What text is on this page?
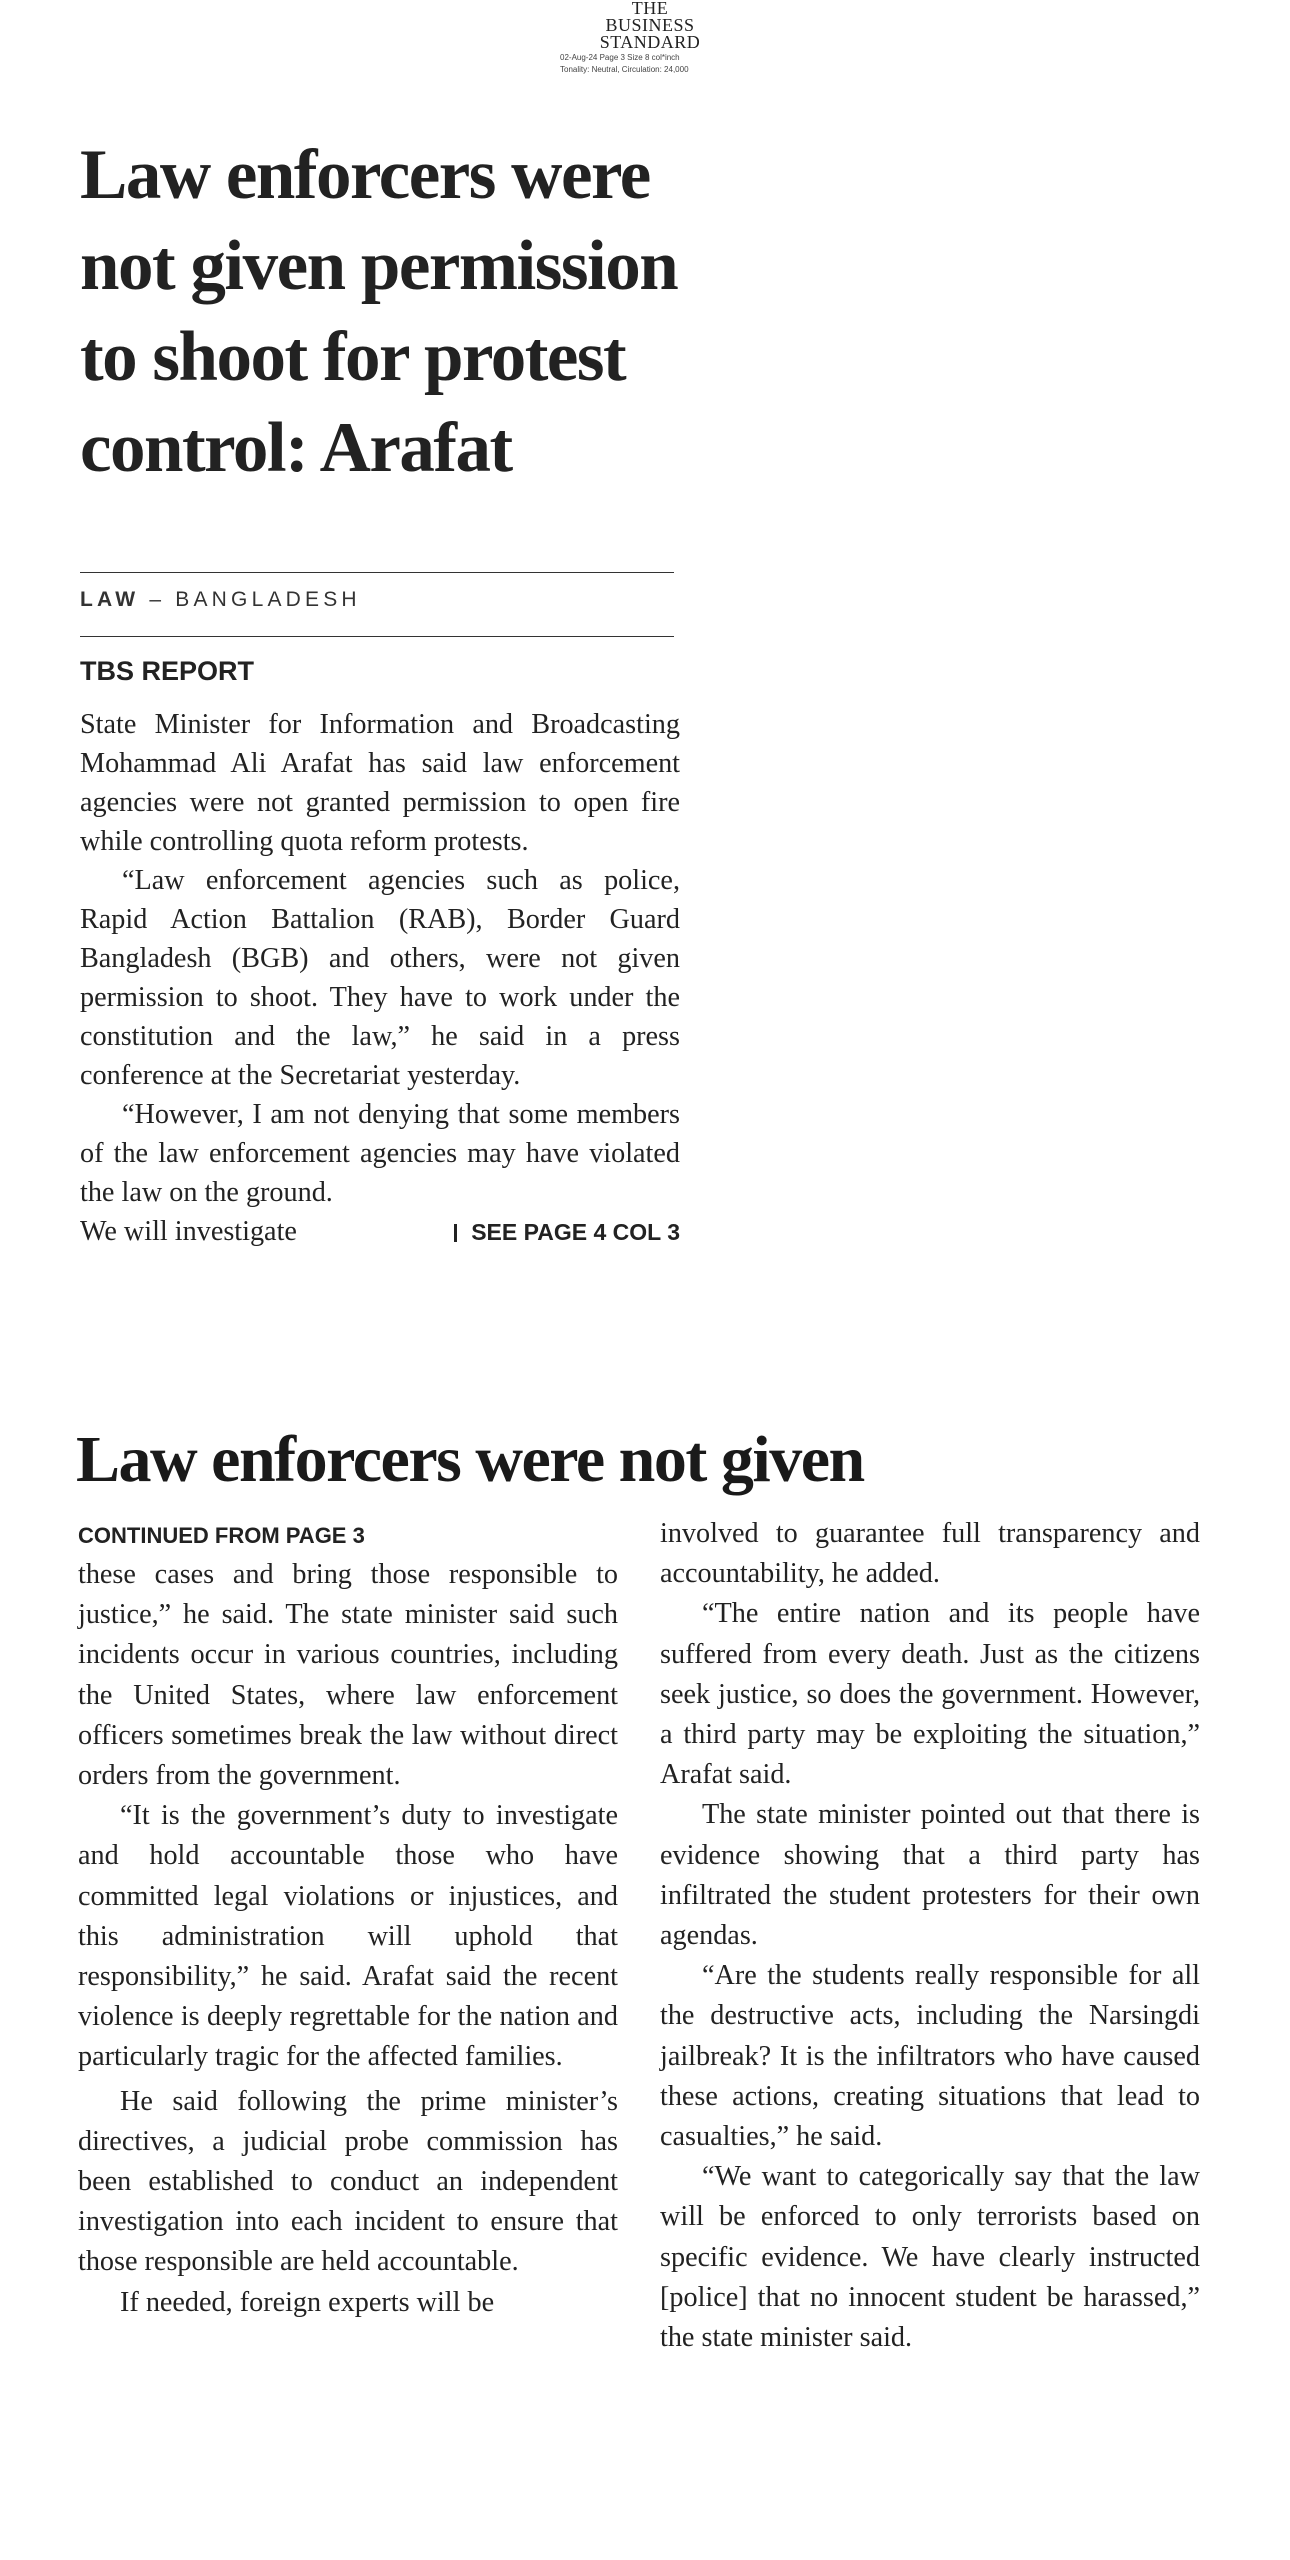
THE
BUSINESS
STANDARD
02-Aug-24 Page 3 Size 8 col*inch
Tonality: Neutral, Circulation: 24,000
Law enforcers were not given permission to shoot for protest control: Arafat
LAW – BANGLADESH
TBS REPORT

State Minister for Information and Broadcasting Mohammad Ali Arafat has said law enforcement agencies were not granted permission to open fire while controlling quota reform protests.

“Law enforcement agencies such as police, Rapid Action Battalion (RAB), Border Guard Bangladesh (BGB) and others, were not given permission to shoot. They have to work under the constitution and the law,” he said in a press conference at the Secretariat yesterday.

“However, I am not denying that some members of the law enforcement agencies may have violated the law on the ground.

We will investigate	SEE PAGE 4 COL 3
Law enforcers were not given
CONTINUED FROM PAGE 3

these cases and bring those responsible to justice,” he said. The state minister said such incidents occur in various countries, including the United States, where law enforcement officers sometimes break the law without direct orders from the government.

“It is the government’s duty to investigate and hold accountable those who have committed legal violations or injustices, and this administration will uphold that responsibility,” he said. Arafat said the recent violence is deeply regrettable for the nation and particularly tragic for the affected families.

He said following the prime minister’s directives, a judicial probe commission has been established to conduct an independent investigation into each incident to ensure that those responsible are held accountable.

If needed, foreign experts will be

involved to guarantee full transparency and accountability, he added.

“The entire nation and its people have suffered from every death. Just as the citizens seek justice, so does the government. However, a third party may be exploiting the situation,” Arafat said.

The state minister pointed out that there is evidence showing that a third party has infiltrated the student protesters for their own agendas.

“Are the students really responsible for all the destructive acts, including the Narsingdi jailbreak? It is the infiltrators who have caused these actions, creating situations that lead to casualties,” he said.

“We want to categorically say that the law will be enforced to only terrorists based on specific evidence. We have clearly instructed [police] that no innocent student be harassed,” the state minister said.
